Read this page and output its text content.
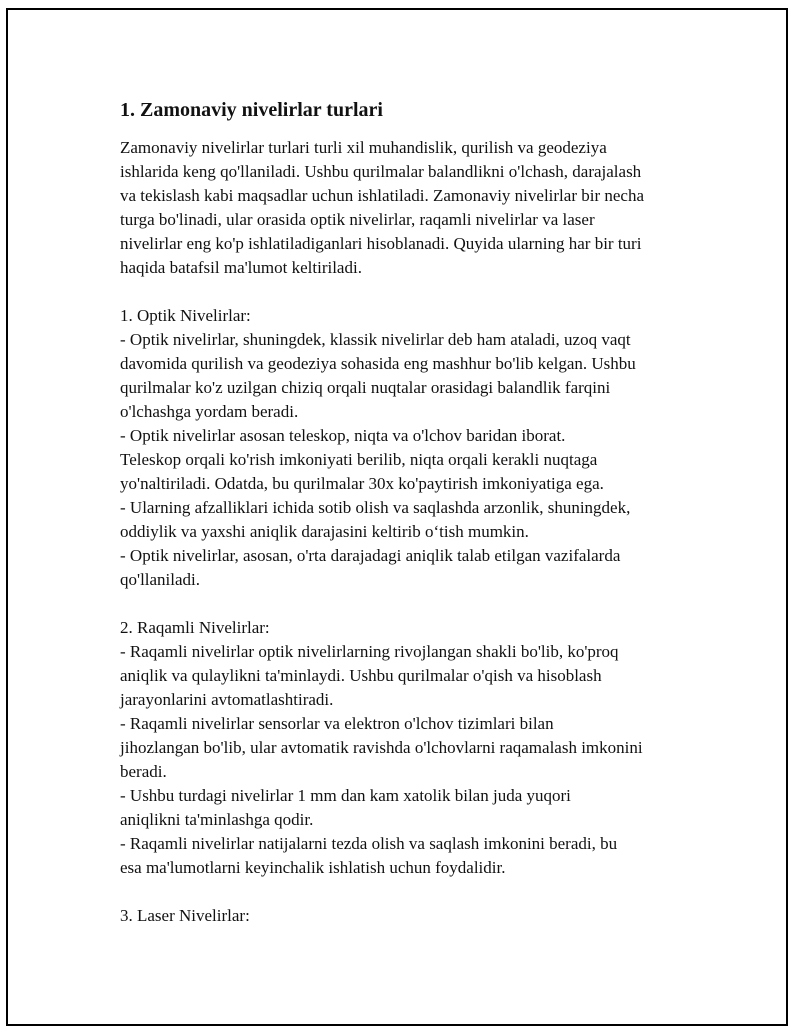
1. Zamonaviy nivelirlar turlari
Zamonaviy nivelirlar turlari turli xil muhandislik, qurilish va geodeziya
ishlarida keng qo'llaniladi. Ushbu qurilmalar balandlikni o'lchash, darajalash
va tekislash kabi maqsadlar uchun ishlatiladi. Zamonaviy nivelirlar bir necha
turga bo'linadi, ular orasida optik nivelirlar, raqamli nivelirlar va laser
nivelirlar eng ko'p ishlatiladiganlari hisoblanadi. Quyida ularning har bir turi
haqida batafsil ma'lumot keltiriladi.
1. Optik Nivelirlar:
- Optik nivelirlar, shuningdek, klassik nivelirlar deb ham ataladi, uzoq vaqt
davomida qurilish va geodeziya sohasida eng mashhur bo'lib kelgan. Ushbu
qurilmalar ko'z uzilgan chiziq orqali nuqtalar orasidagi balandlik farqini
o'lchashga yordam beradi.
- Optik nivelirlar asosan teleskop, niqta va o'lchov baridan iborat.
Teleskop orqali ko'rish imkoniyati berilib, niqta orqali kerakli nuqtaga
yo'naltiriladi. Odatda, bu qurilmalar 30x ko'paytirish imkoniyatiga ega.
- Ularning afzalliklari ichida sotib olish va saqlashda arzonlik, shuningdek,
oddiylik va yaxshi aniqlik darajasini keltirib o‘tish mumkin.
- Optik nivelirlar, asosan, o'rta darajadagi aniqlik talab etilgan vazifalarda
qo'llaniladi.
2. Raqamli Nivelirlar:
- Raqamli nivelirlar optik nivelirlarning rivojlangan shakli bo'lib, ko'proq
aniqlik va qulaylikni ta'minlaydi. Ushbu qurilmalar o'qish va hisoblash
jarayonlarini avtomatlashtiradi.
- Raqamli nivelirlar sensorlar va elektron o'lchov tizimlari bilan
jihozlangan bo'lib, ular avtomatik ravishda o'lchovlarni raqamalash imkonini
beradi.
- Ushbu turdagi nivelirlar 1 mm dan kam xatolik bilan juda yuqori
aniqlikni ta'minlashga qodir.
- Raqamli nivelirlar natijalarni tezda olish va saqlash imkonini beradi, bu
esa ma'lumotlarni keyinchalik ishlatish uchun foydalidir.
3. Laser Nivelirlar:
